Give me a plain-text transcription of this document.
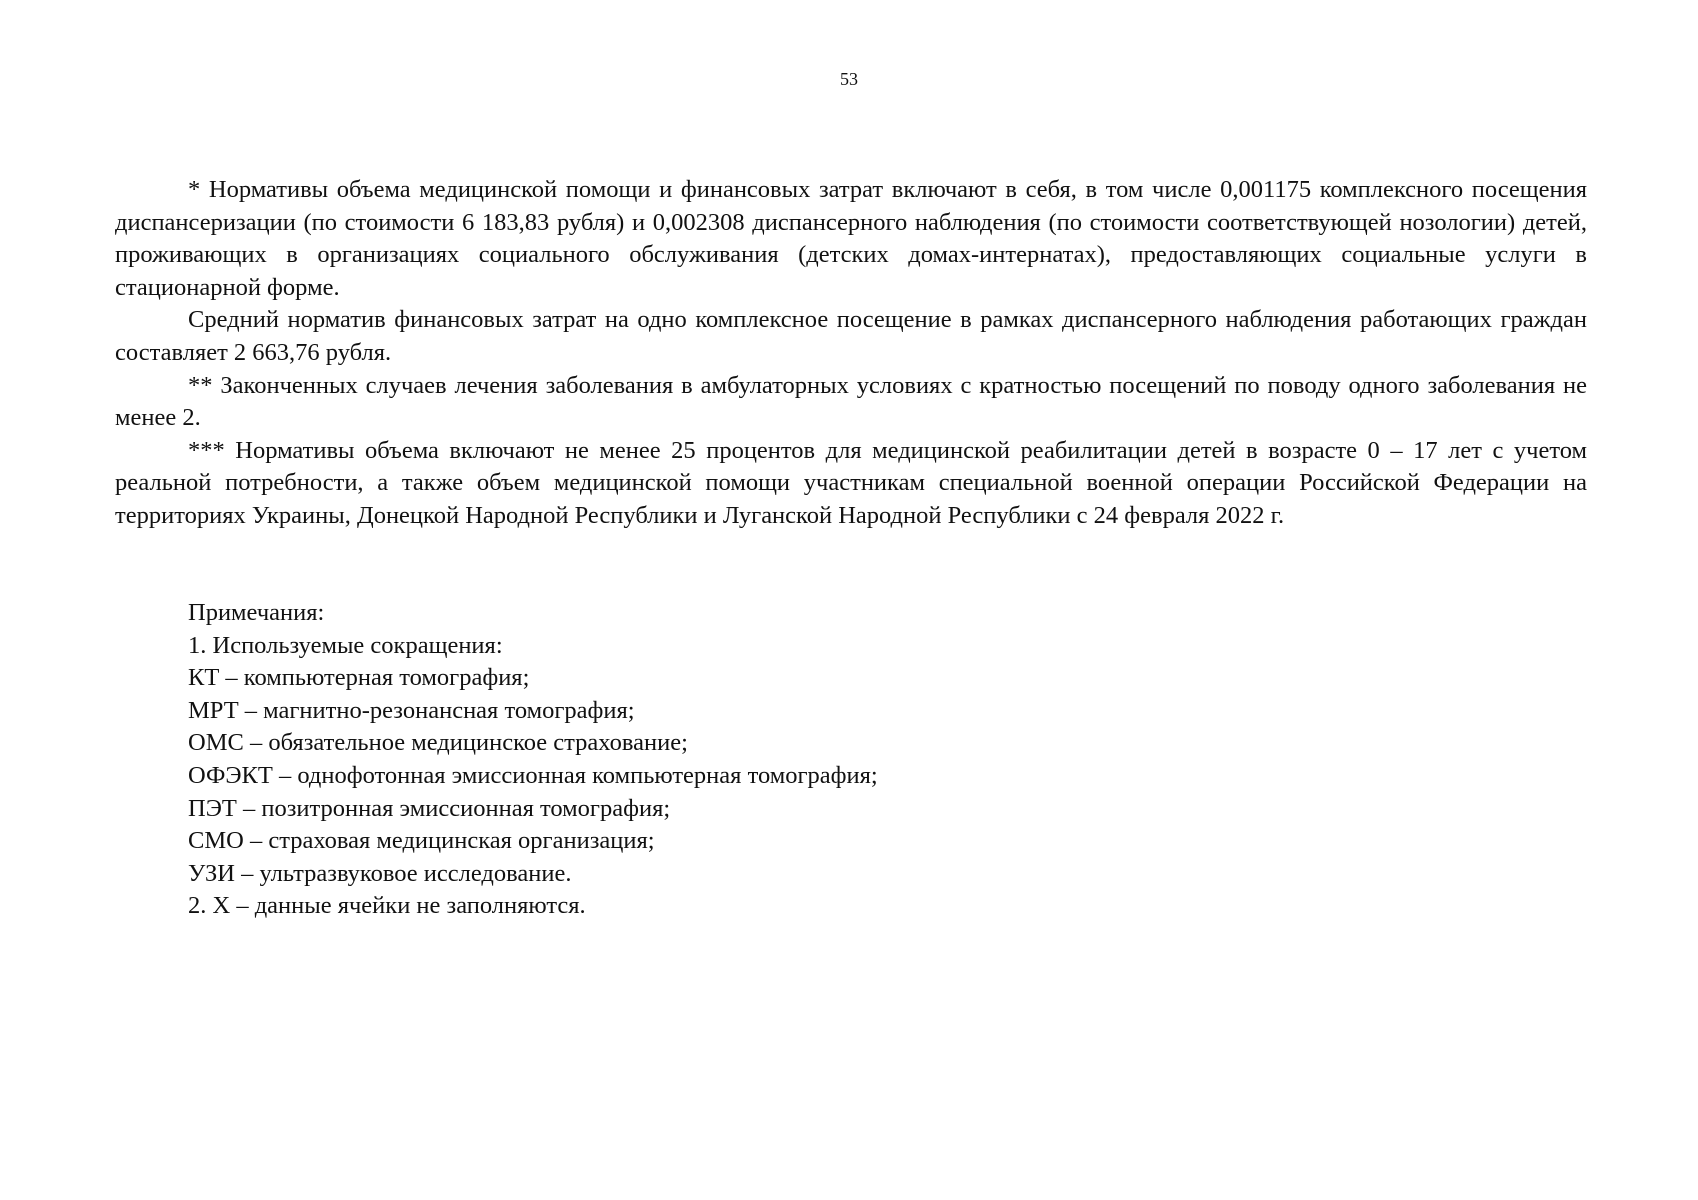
53

* Нормативы объема медицинской помощи и финансовых затрат включают в себя, в том числе 0,001175 комплексного посещения диспансеризации (по стоимости 6 183,83 рубля) и 0,002308 диспансерного наблюдения (по стоимости соответствующей нозологии) детей, проживающих в организациях социального обслуживания (детских домах-интернатах), предоставляющих социальные услуги в стационарной форме.

Средний норматив финансовых затрат на одно комплексное посещение в рамках диспансерного наблюдения работающих граждан составляет 2 663,76 рубля.

** Законченных случаев лечения заболевания в амбулаторных условиях с кратностью посещений по поводу одного заболевания не менее 2.

*** Нормативы объема включают не менее 25 процентов для медицинской реабилитации детей в возрасте 0 – 17 лет с учетом реальной потребности, а также объем медицинской помощи участникам специальной военной операции Российской Федерации на территориях Украины, Донецкой Народной Республики и Луганской Народной Республики с 24 февраля 2022 г.

Примечания:

1. Используемые сокращения:

КТ – компьютерная томография;

МРТ – магнитно-резонансная томография;

ОМС – обязательное медицинское страхование;

ОФЭКТ – однофотонная эмиссионная компьютерная томография;

ПЭТ – позитронная эмиссионная томография;

СМО – страховая медицинская организация;

УЗИ – ультразвуковое исследование.

2. Х – данные ячейки не заполняются.
